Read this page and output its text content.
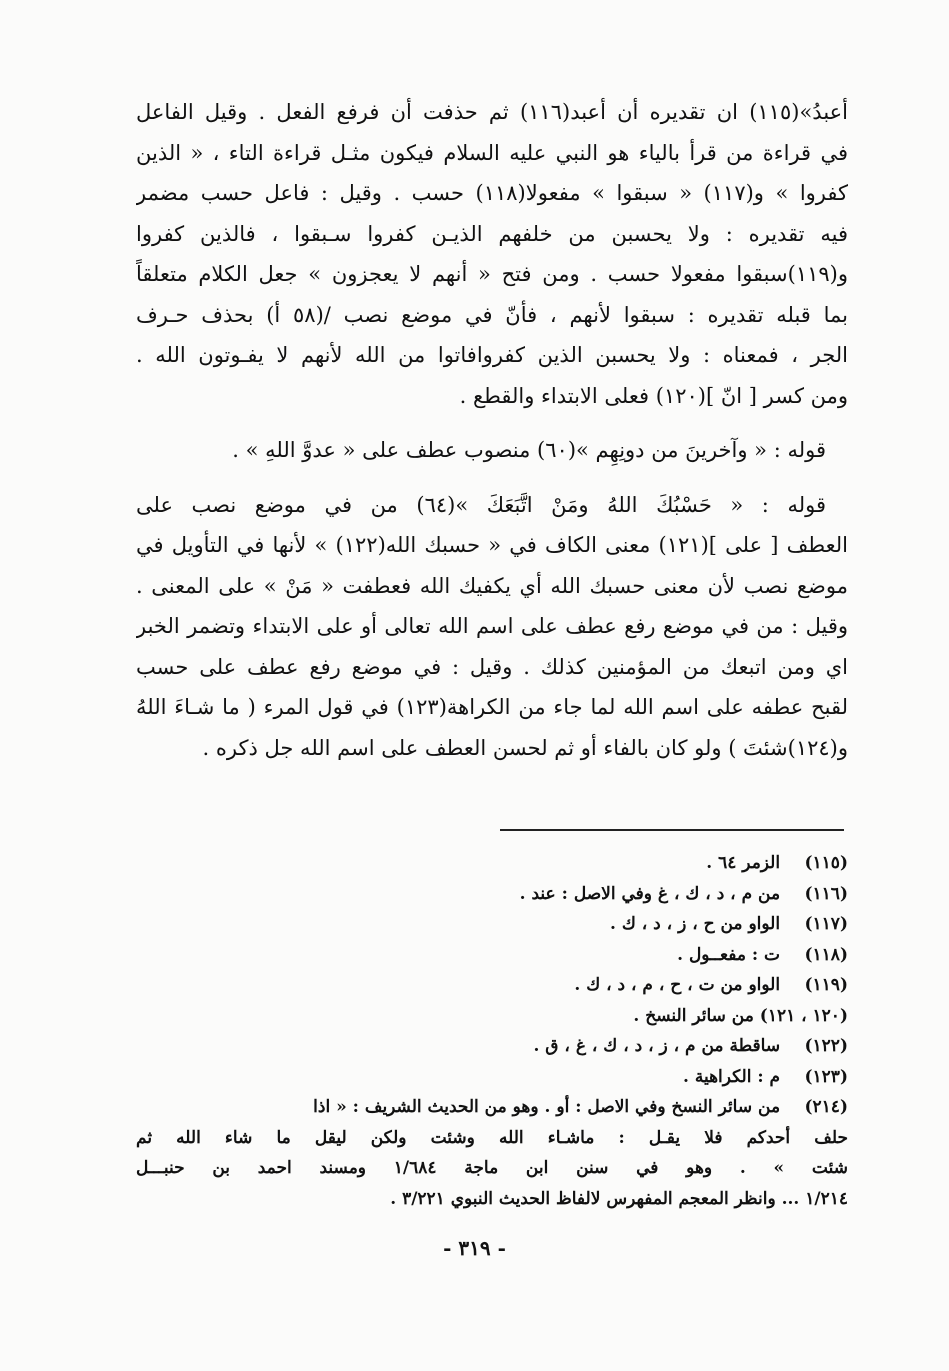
أعبدُ»(١١٥) ان تقديره أن أعبد(١١٦) ثم حذفت أن فرفع الفعل . وقيل الفاعل
في قراءة من قرأ بالياء هو النبي عليه السلام فيكون مثـل قراءة التاء ، « الذين
كفروا » و(١١٧) « سبقوا » مفعولا(١١٨) حسب . وقيل : فاعل حسب مضمر
فيه تقديره : ولا يحسبن من خلفهم الذيـن كفروا سـبقوا ، فالذين كفروا
و(١١٩)سبقوا مفعولا حسب . ومن فتح « أنهم لا يعجزون » جعل الكلام متعلقاً
بما قبله تقديره : سبقوا لأنهم ، فأنّ في موضع نصب /(٥٨ أ) بحذف حـرف
الجر ، فمعناه : ولا يحسبن الذين كفروافاتوا من الله لأنهم لا يفـوتون الله .
ومن كسر [ انّ ](١٢٠) فعلى الابتداء والقطع .
قوله : « وآخرينَ من دونِهِم »(٦٠) منصوب عطف على « عدوَّ اللهِ » .
قوله : « حَسْبُكَ اللهُ ومَنْ اتَّبَعَكَ »(٦٤) من في موضع نصب على
العطف [ على ](١٢١) معنى الكاف في « حسبك الله(١٢٢) » لأنها في التأويل في
موضع نصب لأن معنى حسبك الله أي يكفيك الله فعطفت « مَنْ » على المعنى .
وقيل : من في موضع رفع عطف على اسم الله تعالى أو على الابتداء وتضمر الخبر
اي ومن اتبعك من المؤمنين كذلك . وقيل : في موضع رفع عطف على حسب
لقبح عطفه على اسم الله لما جاء من الكراهة(١٢٣) في قول المرء ( ما شـاءَ اللهُ
و(١٢٤)شئتَ ) ولو كان بالفاء أو ثم لحسن العطف على اسم الله جل ذكره .
(١١٥) الزمر ٦٤ .
(١١٦) من م ، د ، ك ، غ وفي الاصل : عند .
(١١٧) الواو من ح ، ز ، د ، ك .
(١١٨) ت : مفعــول .
(١١٩) الواو من ت ، ح ، م ، د ، ك .
(١٢٠ ، ١٢١) من سائر النسخ .
(١٢٢) ساقطة من م ، ز ، د ، ك ، غ ، ق .
(١٢٣) م : الكراهية .
(٢١٤) من سائر النسخ وفي الاصل : أو . وهو من الحديث الشريف : « اذا
حلف أحدكم فلا يقـل : ماشـاء الله وشئت ولكن ليقل ما شاء الله ثم
شئت » . وهو في سنن ابن ماجة ١/٦٨٤ ومسند احمد بن حنبـــل
١/٢١٤ ... وانظر المعجم المفهرس لالفاظ الحديث النبوي ٣/٢٢١ .
- ٣١٩ -
